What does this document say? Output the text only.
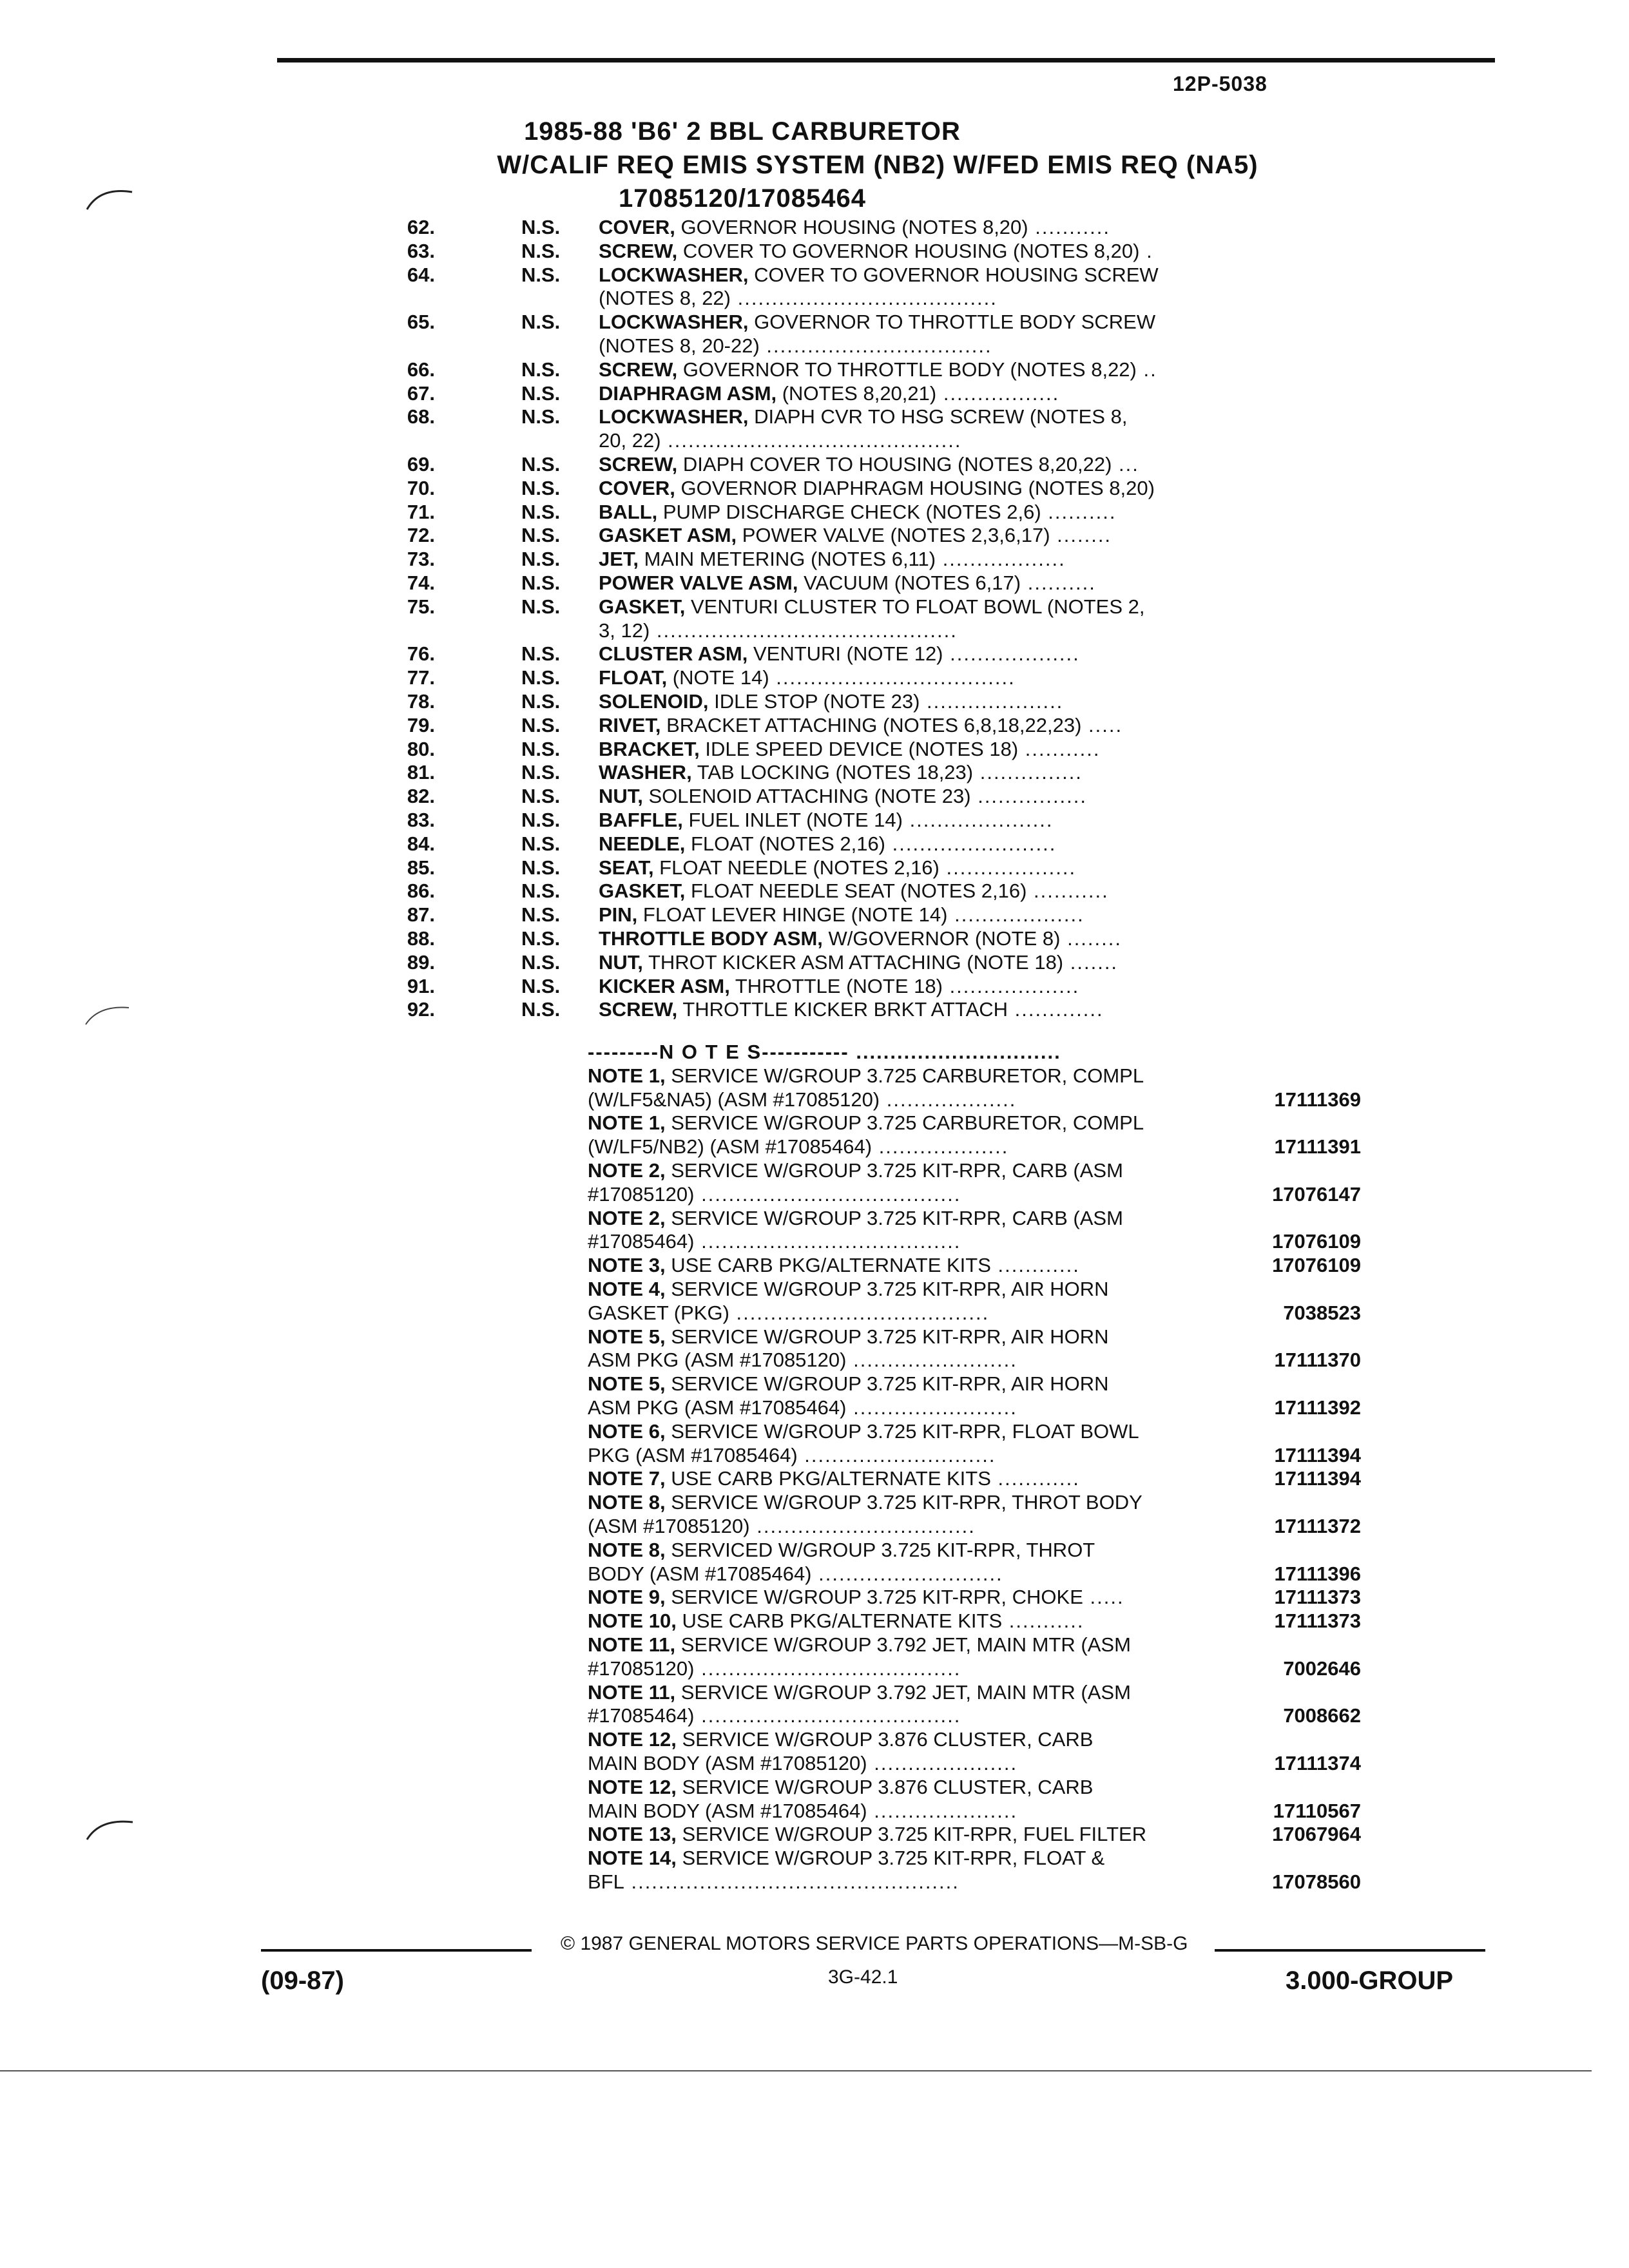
12P-5038
1985-88 'B6' 2 BBL CARBURETOR
W/CALIF REQ EMIS SYSTEM (NB2) W/FED EMIS REQ (NA5)
17085120/17085464
62.	N.S.	COVER, GOVERNOR HOUSING (NOTES 8,20) ...........
63.	N.S.	SCREW, COVER TO GOVERNOR HOUSING (NOTES 8,20) .
64.	N.S.	LOCKWASHER, COVER TO GOVERNOR HOUSING SCREW
(NOTES 8, 22) ......................................
65.	N.S.	LOCKWASHER, GOVERNOR TO THROTTLE BODY SCREW
(NOTES 8, 20-22) .................................
66.	N.S.	SCREW, GOVERNOR TO THROTTLE BODY (NOTES 8,22) ..
67.	N.S.	DIAPHRAGM ASM, (NOTES 8,20,21) .................
68.	N.S.	LOCKWASHER, DIAPH CVR TO HSG SCREW (NOTES 8,
20, 22) ...........................................
69.	N.S.	SCREW, DIAPH COVER TO HOUSING (NOTES 8,20,22) ...
70.	N.S.	COVER, GOVERNOR DIAPHRAGM HOUSING (NOTES 8,20)
71.	N.S.	BALL, PUMP DISCHARGE CHECK (NOTES 2,6) ..........
72.	N.S.	GASKET ASM, POWER VALVE (NOTES 2,3,6,17) ........
73.	N.S.	JET, MAIN METERING (NOTES 6,11) ..................
74.	N.S.	POWER VALVE ASM, VACUUM (NOTES 6,17) ..........
75.	N.S.	GASKET, VENTURI CLUSTER TO FLOAT BOWL (NOTES 2,
3, 12) ............................................
76.	N.S.	CLUSTER ASM, VENTURI (NOTE 12) ...................
77.	N.S.	FLOAT, (NOTE 14) ...................................
78.	N.S.	SOLENOID, IDLE STOP (NOTE 23) ....................
79.	N.S.	RIVET, BRACKET ATTACHING (NOTES 6,8,18,22,23) .....
80.	N.S.	BRACKET, IDLE SPEED DEVICE (NOTES 18) ...........
81.	N.S.	WASHER, TAB LOCKING (NOTES 18,23) ...............
82.	N.S.	NUT, SOLENOID ATTACHING (NOTE 23) ................
83.	N.S.	BAFFLE, FUEL INLET (NOTE 14) .....................
84.	N.S.	NEEDLE, FLOAT (NOTES 2,16) ........................
85.	N.S.	SEAT, FLOAT NEEDLE (NOTES 2,16) ...................
86.	N.S.	GASKET, FLOAT NEEDLE SEAT (NOTES 2,16) ...........
87.	N.S.	PIN, FLOAT LEVER HINGE (NOTE 14) ...................
88.	N.S.	THROTTLE BODY ASM, W/GOVERNOR (NOTE 8) ........
89.	N.S.	NUT, THROT KICKER ASM ATTACHING (NOTE 18) .......
91.	N.S.	KICKER ASM, THROTTLE (NOTE 18) ...................
92.	N.S.	SCREW, THROTTLE KICKER BRKT ATTACH .............
---------N O T E S----------- ..............................
NOTE 1, SERVICE W/GROUP 3.725 CARBURETOR, COMPL
(W/LF5&NA5) (ASM #17085120) ...................	17111369
NOTE 1, SERVICE W/GROUP 3.725 CARBURETOR, COMPL
(W/LF5/NB2) (ASM #17085464) ...................	17111391
NOTE 2, SERVICE W/GROUP 3.725 KIT-RPR, CARB (ASM
#17085120) ......................................	17076147
NOTE 2, SERVICE W/GROUP 3.725 KIT-RPR, CARB (ASM
#17085464) ......................................	17076109
NOTE 3, USE CARB PKG/ALTERNATE KITS ............	17076109
NOTE 4, SERVICE W/GROUP 3.725 KIT-RPR, AIR HORN
GASKET (PKG) .....................................	7038523
NOTE 5, SERVICE W/GROUP 3.725 KIT-RPR, AIR HORN
ASM PKG (ASM #17085120) ........................	17111370
NOTE 5, SERVICE W/GROUP 3.725 KIT-RPR, AIR HORN
ASM PKG (ASM #17085464) ........................	17111392
NOTE 6, SERVICE W/GROUP 3.725 KIT-RPR, FLOAT BOWL
PKG (ASM #17085464) ............................	17111394
NOTE 7, USE CARB PKG/ALTERNATE KITS ............	17111394
NOTE 8, SERVICE W/GROUP 3.725 KIT-RPR, THROT BODY
(ASM #17085120) ................................	17111372
NOTE 8, SERVICED W/GROUP 3.725 KIT-RPR, THROT
BODY (ASM #17085464) ...........................	17111396
NOTE 9, SERVICE W/GROUP 3.725 KIT-RPR, CHOKE .....	17111373
NOTE 10, USE CARB PKG/ALTERNATE KITS ...........	17111373
NOTE 11, SERVICE W/GROUP 3.792 JET, MAIN MTR (ASM
#17085120) ......................................	7002646
NOTE 11, SERVICE W/GROUP 3.792 JET, MAIN MTR (ASM
#17085464) ......................................	7008662
NOTE 12, SERVICE W/GROUP 3.876 CLUSTER, CARB
MAIN BODY (ASM #17085120) .....................	17111374
NOTE 12, SERVICE W/GROUP 3.876 CLUSTER, CARB
MAIN BODY (ASM #17085464) .....................	17110567
NOTE 13, SERVICE W/GROUP 3.725 KIT-RPR, FUEL FILTER	17067964
NOTE 14, SERVICE W/GROUP 3.725 KIT-RPR, FLOAT &
BFL ................................................	17078560
© 1987 GENERAL MOTORS SERVICE PARTS OPERATIONS—M-SB-G
(09-87)	3G-42.1	3.000-GROUP
